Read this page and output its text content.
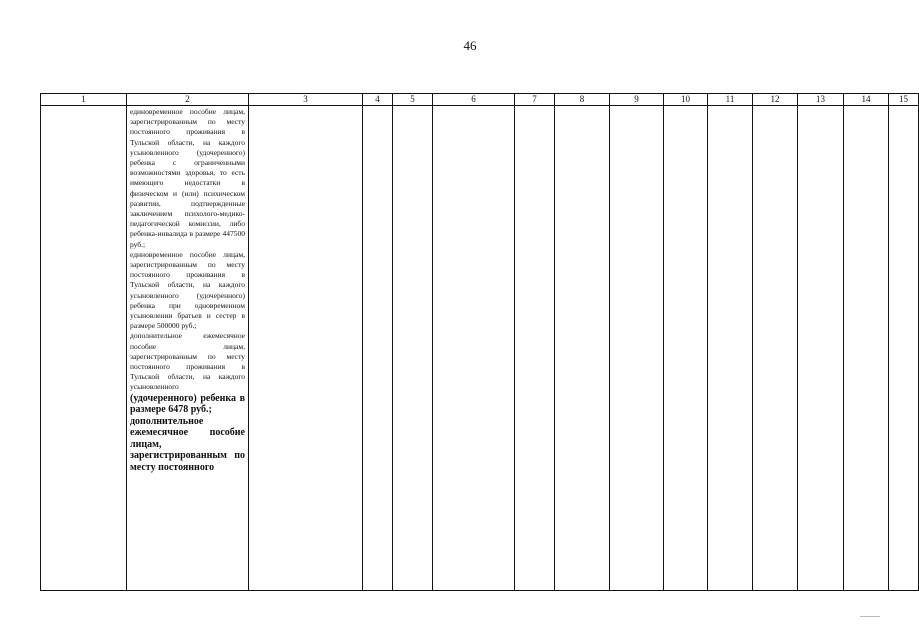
46
1	2	3	4	5	6	7	8	9	10	11	12	13	14	15

	единовременное пособие лицам, зарегистрированным по месту постоянного проживания в Тульской области, на каждого усыновленного (удочеренного) ребенка с ограниченными возможностями здоровья, то есть имеющего недостатки в физическом и (или) психическом развитии, подтвержденные заключением психолого-медико-педагогической комиссии, либо ребенка-инвалида в размере 447500 руб.;
единовременное пособие лицам, зарегистрированным по месту постоянного проживания в Тульской области, на каждого усыновленного (удочеренного) ребенка при одновременном усыновлении братьев и сестер в размере 500000 руб.;
дополнительное ежемесячное пособие лицам, зарегистрированным по месту постоянного проживания в Тульской области, на каждого усыновленного
(удочеренного) ребенка в размере 6478 руб.;
дополнительное ежемесячное пособие лицам, зарегистрированным по месту постоянного													
